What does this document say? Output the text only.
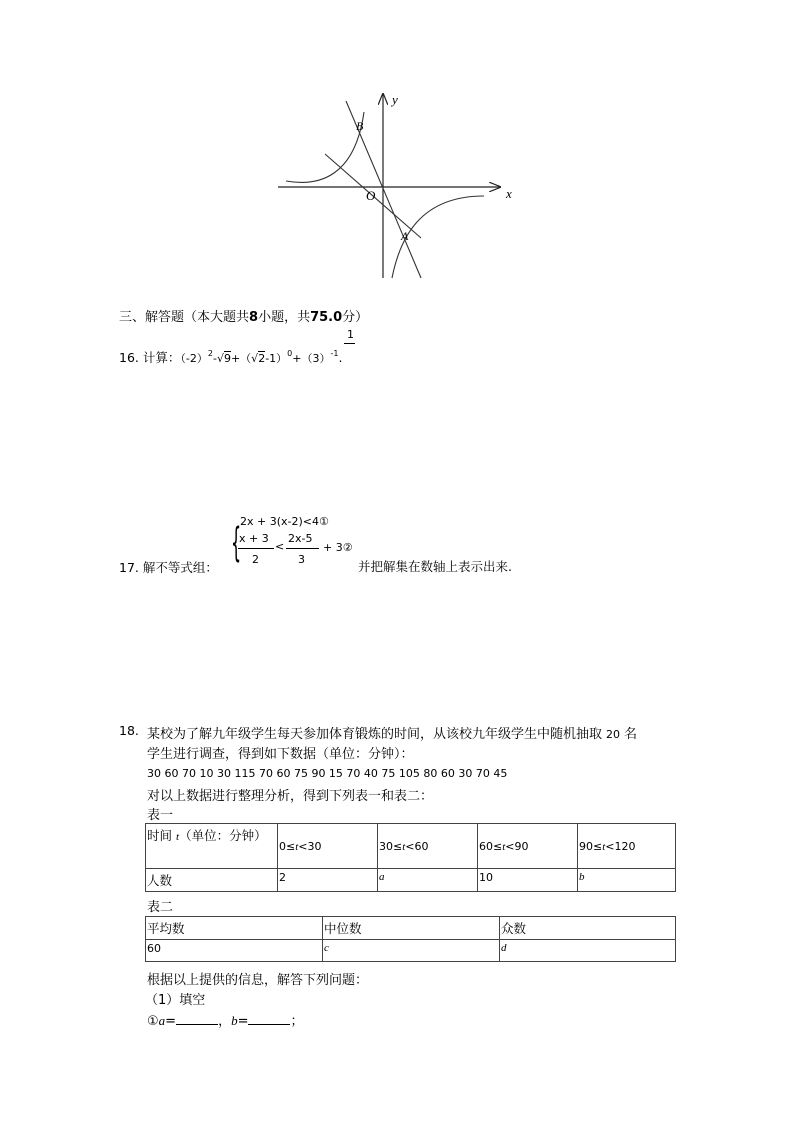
y
x
O
B
A
三、解答题（本大题共8小题，共75.0分）
1
16. 计算：$(-2)^2-√9+(√2-1)^0+(3)^{-1}$.
{
2x + 3(x-2)<4①
x + 3
2
<
2x-5
3
+ 3②
17. 解不等式组：	并把解集在数轴上表示出来.
18. 某校为了解九年级学生每天参加体育锻炼的时间，从该校九年级学生中随机抽取 20 名
学生进行调查，得到如下数据（单位：分钟）：
30 60 70 10 30 115 70 60 75 90 15 70 40 75 105 80 60 30 70 45
对以上数据进行整理分析，得到下列表一和表二：
表一
时间 t（单位：分钟）	0≤t<30	30≤t<60	60≤t<90	90≤t<120
人数	2	a	10	b
表二
平均数	中位数	众数
60	c	d
根据以上提供的信息，解答下列问题：
（1）填空
①a=	，b=	；
